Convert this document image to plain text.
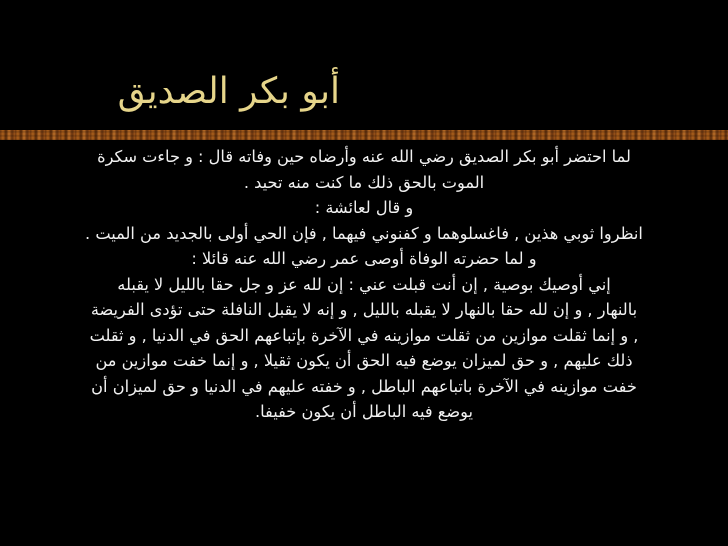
أبو بكر الصديق
لما احتضر أبو بكر الصديق رضي الله عنه وأرضاه حين وفاته قال : و جاءت سكرة
الموت بالحق ذلك ما كنت منه تحيد .
و قال لعائشة :
انظروا ثوبي هذين , فاغسلوهما و كفنوني فيهما , فإن الحي أولى بالجديد من الميت .
و لما حضرته الوفاة أوصى عمر رضي الله عنه قائلا :
إني أوصيك بوصية , إن أنت قبلت عني : إن لله عز و جل حقا بالليل لا يقبله
بالنهار , و إن لله حقا بالنهار لا يقبله بالليل , و إنه لا يقبل النافلة حتى تؤدى الفريضة
, و إنما ثقلت موازين من ثقلت موازينه في الآخرة بإتباعهم الحق في الدنيا , و ثقلت
ذلك عليهم , و حق لميزان يوضع فيه الحق أن يكون ثقيلا , و إنما خفت موازين من
خفت موازينه في الآخرة باتباعهم الباطل , و خفته عليهم في الدنيا و حق لميزان أن
يوضع فيه الباطل أن يكون خفيفا.
